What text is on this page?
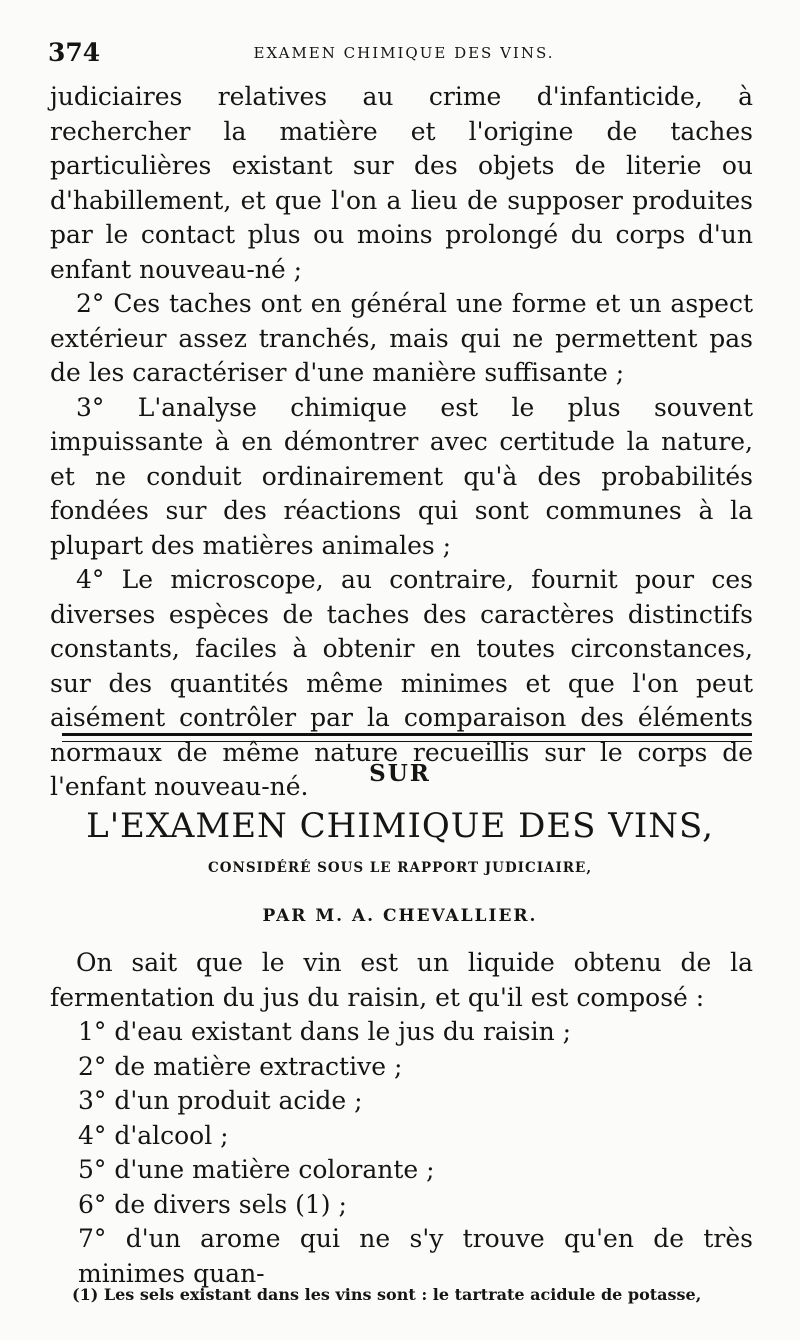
374	EXAMEN CHIMIQUE DES VINS.

judiciaires relatives au crime d'infanticide, à rechercher la matière et l'origine de taches particulières existant sur des objets de literie ou d'habillement, et que l'on a lieu de supposer produites par le contact plus ou moins prolongé du corps d'un enfant nouveau-né ;

2° Ces taches ont en général une forme et un aspect extérieur assez tranchés, mais qui ne permettent pas de les caractériser d'une manière suffisante ;

3° L'analyse chimique est le plus souvent impuissante à en démontrer avec certitude la nature, et ne conduit ordinairement qu'à des probabilités fondées sur des réactions qui sont communes à la plupart des matières animales ;

4° Le microscope, au contraire, fournit pour ces diverses espèces de taches des caractères distinctifs constants, faciles à obtenir en toutes circonstances, sur des quantités même minimes et que l'on peut aisément contrôler par la comparaison des éléments normaux de même nature recueillis sur le corps de l'enfant nouveau-né.	SUR
L'EXAMEN CHIMIQUE DES VINS,
CONSIDÉRÉ SOUS LE RAPPORT JUDICIAIRE,
PAR M. A. CHEVALLIER.

On sait que le vin est un liquide obtenu de la fermentation du jus du raisin, et qu'il est composé :

1° d'eau existant dans le jus du raisin ;
2° de matière extractive ;
3° d'un produit acide ;
4° d'alcool ;
5° d'une matière colorante ;
6° de divers sels (1) ;
7° d'un arome qui ne s'y trouve qu'en de très minimes quan-
(1) Les sels existant dans les vins sont : le tartrate acidule de potasse,
